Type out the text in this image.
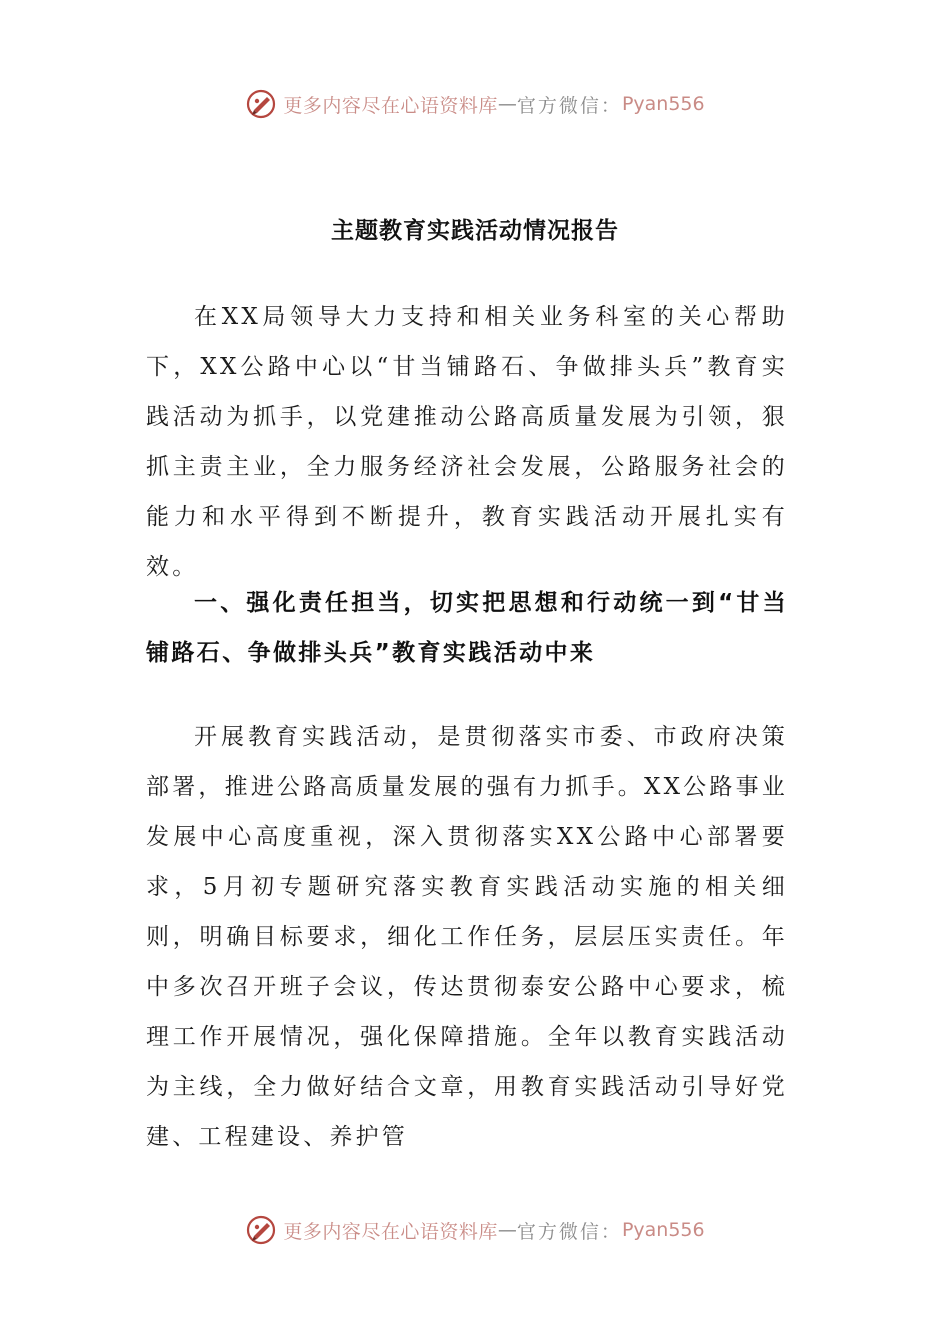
更多内容尽在心语资料库 — 官方微信： Pyan556
主题教育实践活动情况报告

在XX局领导大力支持和相关业务科室的关心帮助下，XX公路中心以“甘当铺路石、争做排头兵”教育实践活动为抓手，以党建推动公路高质量发展为引领，狠抓主责主业，全力服务经济社会发展，公路服务社会的能力和水平得到不断提升，教育实践活动开展扎实有效。

一、强化责任担当，切实把思想和行动统一到“甘当铺路石、争做排头兵”教育实践活动中来

开展教育实践活动，是贯彻落实市委、市政府决策部署，推进公路高质量发展的强有力抓手。XX公路事业发展中心高度重视，深入贯彻落实XX公路中心部署要求，5月初专题研究落实教育实践活动实施的相关细则，明确目标要求，细化工作任务，层层压实责任。年中多次召开班子会议，传达贯彻泰安公路中心要求，梳理工作开展情况，强化保障措施。全年以教育实践活动为主线，全力做好结合文章，用教育实践活动引导好党建、工程建设、养护管

更多内容尽在心语资料库 — 官方微信： Pyan556
